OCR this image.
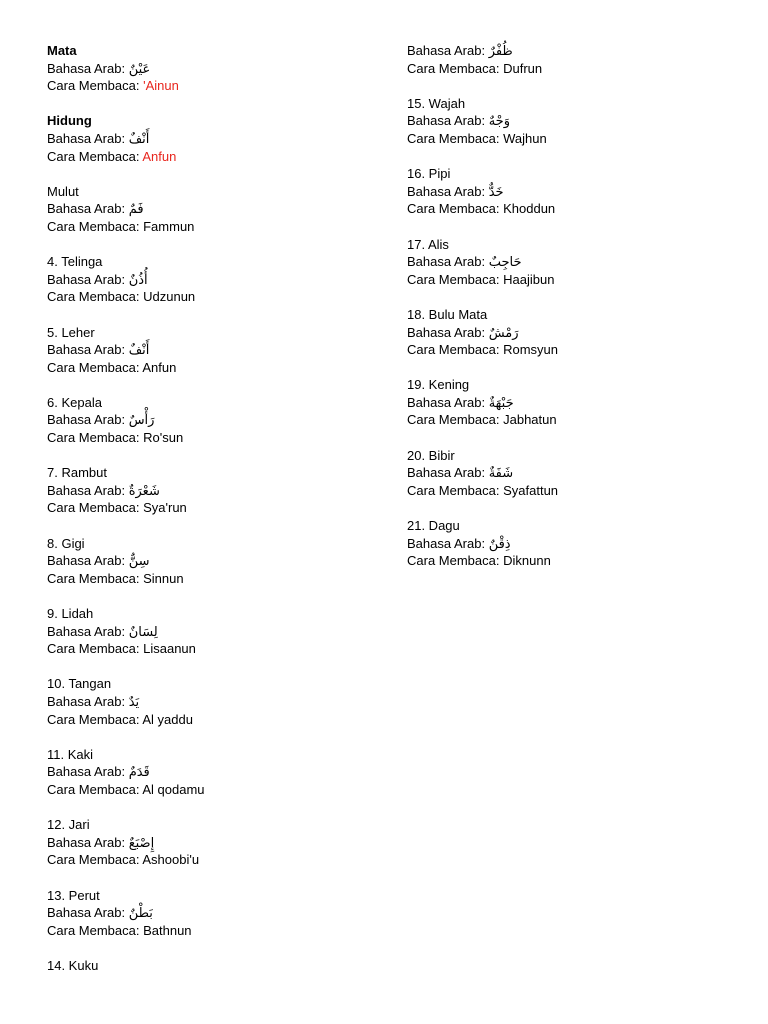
Mata
Bahasa Arab: عَيْنٌ
Cara Membaca: 'Ainun
Hidung
Bahasa Arab: أَنْفٌ
Cara Membaca: Anfun
Mulut
Bahasa Arab: فَمٌ
Cara Membaca: Fammun
4. Telinga
Bahasa Arab: أُذُنٌ
Cara Membaca: Udzunun
5. Leher
Bahasa Arab: أَنْفٌ
Cara Membaca: Anfun
6. Kepala
Bahasa Arab: رَأْسٌ
Cara Membaca: Ro'sun
7. Rambut
Bahasa Arab: شَعْرَةٌ
Cara Membaca: Sya'run
8. Gigi
Bahasa Arab: سِنٌّ
Cara Membaca: Sinnun
9. Lidah
Bahasa Arab: لِسَانٌ
Cara Membaca: Lisaanun
10. Tangan
Bahasa Arab: يَدٌ
Cara Membaca: Al yaddu
11. Kaki
Bahasa Arab: قَدَمٌ
Cara Membaca: Al qodamu
12. Jari
Bahasa Arab: إِصْبَعٌ
Cara Membaca: Ashoobi'u
13. Perut
Bahasa Arab: بَطْنٌ
Cara Membaca: Bathnun
14. Kuku
Bahasa Arab: ظُفْرٌ
Cara Membaca: Dufrun
15. Wajah
Bahasa Arab: وَجْهٌ
Cara Membaca: Wajhun
16. Pipi
Bahasa Arab: خَدٌّ
Cara Membaca: Khoddun
17. Alis
Bahasa Arab: حَاجِبٌ
Cara Membaca: Haajibun
18. Bulu Mata
Bahasa Arab: رَمْشٌ
Cara Membaca: Romsyun
19. Kening
Bahasa Arab: جَبْهَةٌ
Cara Membaca: Jabhatun
20. Bibir
Bahasa Arab: شَفَةٌ
Cara Membaca: Syafattun
21. Dagu
Bahasa Arab: ذِقْنٌ
Cara Membaca: Diknunn
